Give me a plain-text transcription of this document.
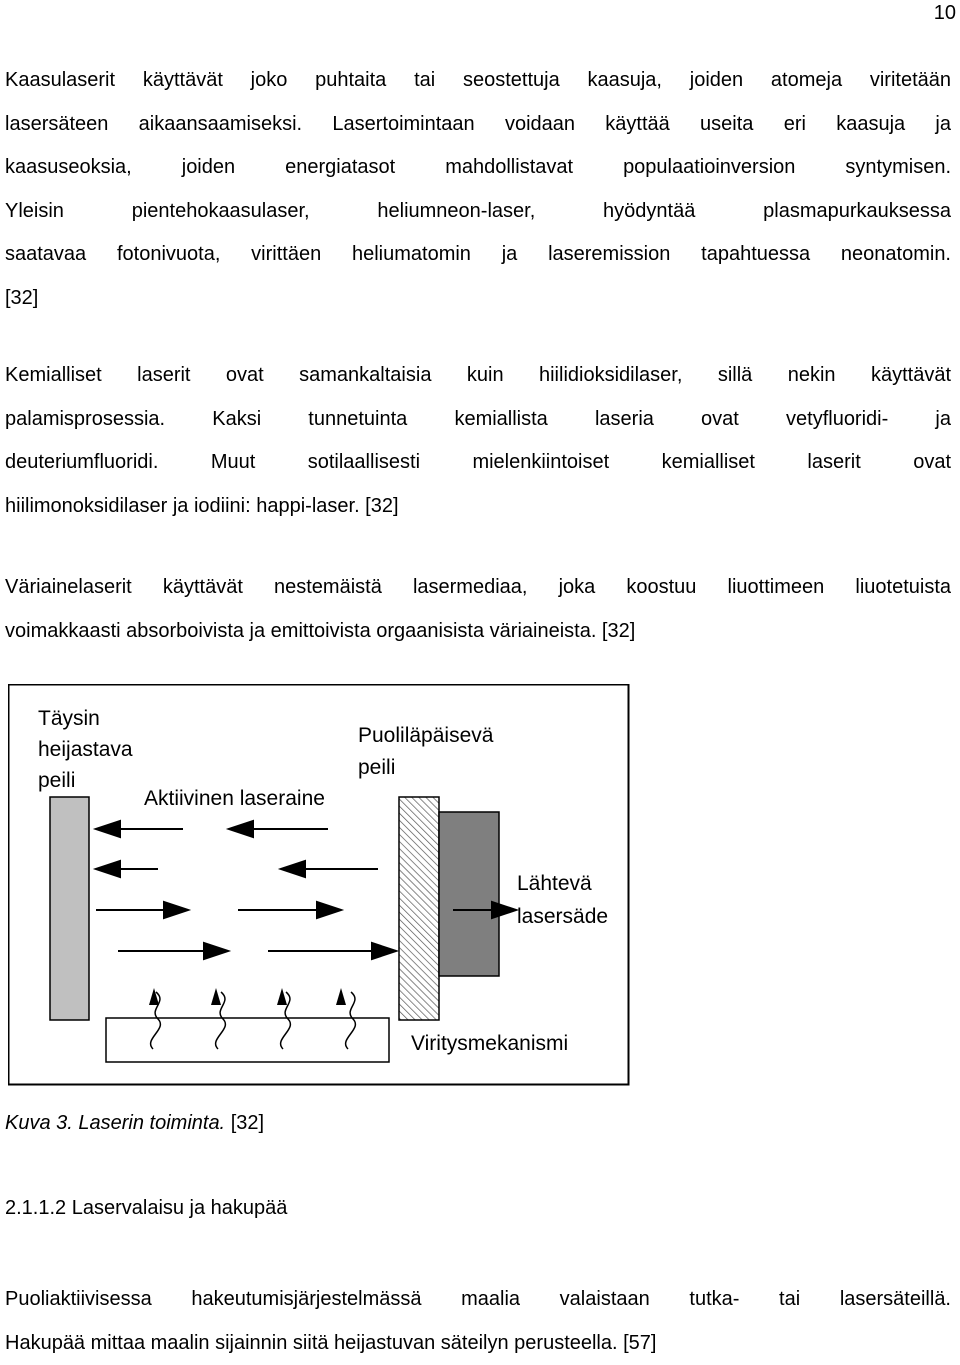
10

Kaasulaserit käyttävät joko puhtaita tai seostettuja kaasuja, joiden atomeja viritetään

lasersäteen aikaansaamiseksi. Lasertoimintaan voidaan käyttää useita eri kaasuja ja

kaasuseoksia, joiden energiatasot mahdollistavat populaatioinversion syntymisen.

Yleisin pientehokaasulaser, heliumneon-laser, hyödyntää plasmapurkauksessa

saatavaa fotonivuota, virittäen heliumatomin ja laseremission tapahtuessa neonatomin.

[32]

Kemialliset laserit ovat samankaltaisia kuin hiilidioksidilaser, sillä nekin käyttävät

palamisprosessia. Kaksi tunnetuinta kemiallista laseria ovat vetyfluoridi- ja

deuteriumfluoridi. Muut sotilaallisesti mielenkiintoiset kemialliset laserit ovat

hiilimonoksidilaser ja iodiini: happi-laser. [32]

Väriainelaserit käyttävät nestemäistä lasermediaa, joka koostuu liuottimeen liuotetuista

voimakkaasti absorboivista ja emittoivista orgaanisista väriaineista. [32]

Täysin
heijastava
peili
Puoliläpäisevä
peili
Aktiivinen laseraine
Lähtevä
lasersäde
Viritysmekanismi
Kuva 3. Laserin toiminta. [32]
2.1.1.2 Laservalaisu ja hakupää

Puoliaktiivisessa hakeutumisjärjestelmässä maalia valaistaan tutka- tai lasersäteillä.

Hakupää mittaa maalin sijainnin siitä heijastuvan säteilyn perusteella. [57]
